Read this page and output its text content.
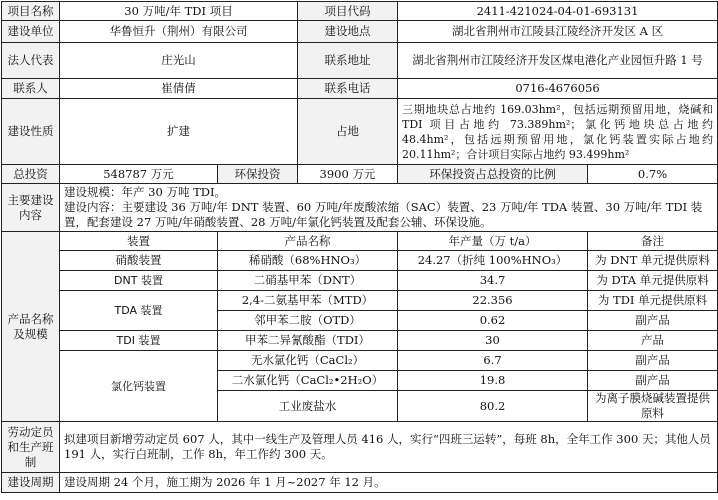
项目名称	30 万吨/年 TDI 项目		项目代码	2411-421024-04-01-693131	
建设单位	华鲁恒升（荆州）有限公司		建设地点	湖北省荆州市江陵县江陵经济开发区 A 区	
法人代表	庄光山		联系地址	湖北省荆州市江陵经济开发区煤电港化产业园恒升路 1 号	
联系人	崔倩倩		联系电话	0716-4676056	
建设性质	扩建		占地	三期地块总占地约 169.03hm²，包括远期预留用地，烧碱和 TDI 项目占地约 73.389hm²；氯化钙地块总占地约 48.4hm²，包括远期预留用地，氯化钙装置实际占地约 20.11hm²；合计项目实际占地约 93.499hm²	
总投资	548787 万元	环保投资	3900 万元	环保投资占总投资的比例	0.7%
主要建设内容	建设规模：年产 30 万吨 TDI。
建设内容：主要建设 36 万吨/年 DNT 装置、60 万吨/年废酸浓缩（SAC）装置、23 万吨/年 TDA 装置、30 万吨/年 TDI 装置，配套建设 27 万吨/年硝酸装置、28 万吨/年氯化钙装置及配套公辅、环保设施。				

产品名称及规模	装置	产品名称		年产量（万 t/a）	备注
	硝酸装置	稀硝酸（68%HNO₃）		24.27（折纯 100%HNO₃）	为 DNT 单元提供原料
	DNT 装置	二硝基甲苯（DNT）		34.7	为 DTA 单元提供原料
	TDA 装置	2,4-二氨基甲苯（MTD）		22.356	为 TDI 单元提供原料
		邻甲苯二胺（OTD）		0.62	副产品
	TDI 装置	甲苯二异氰酸酯（TDI）		30	产品
	氯化钙装置	无水氯化钙（CaCl₂）		6.7	副产品
		二水氯化钙（CaCl₂•2H₂O）		19.8	副产品
		工业废盐水		80.2	为离子膜烧碱装置提供原料
劳动定员和生产班制	拟建项目新增劳动定员 607 人，其中一线生产及管理人员 416 人，实行“四班三运转”，每班 8h，全年工作 300 天；其他人员 191 人，实行白班制，工作 8h，年工作约 300 天。				
建设周期	建设周期 24 个月，施工期为 2026 年 1 月~2027 年 12 月。				
